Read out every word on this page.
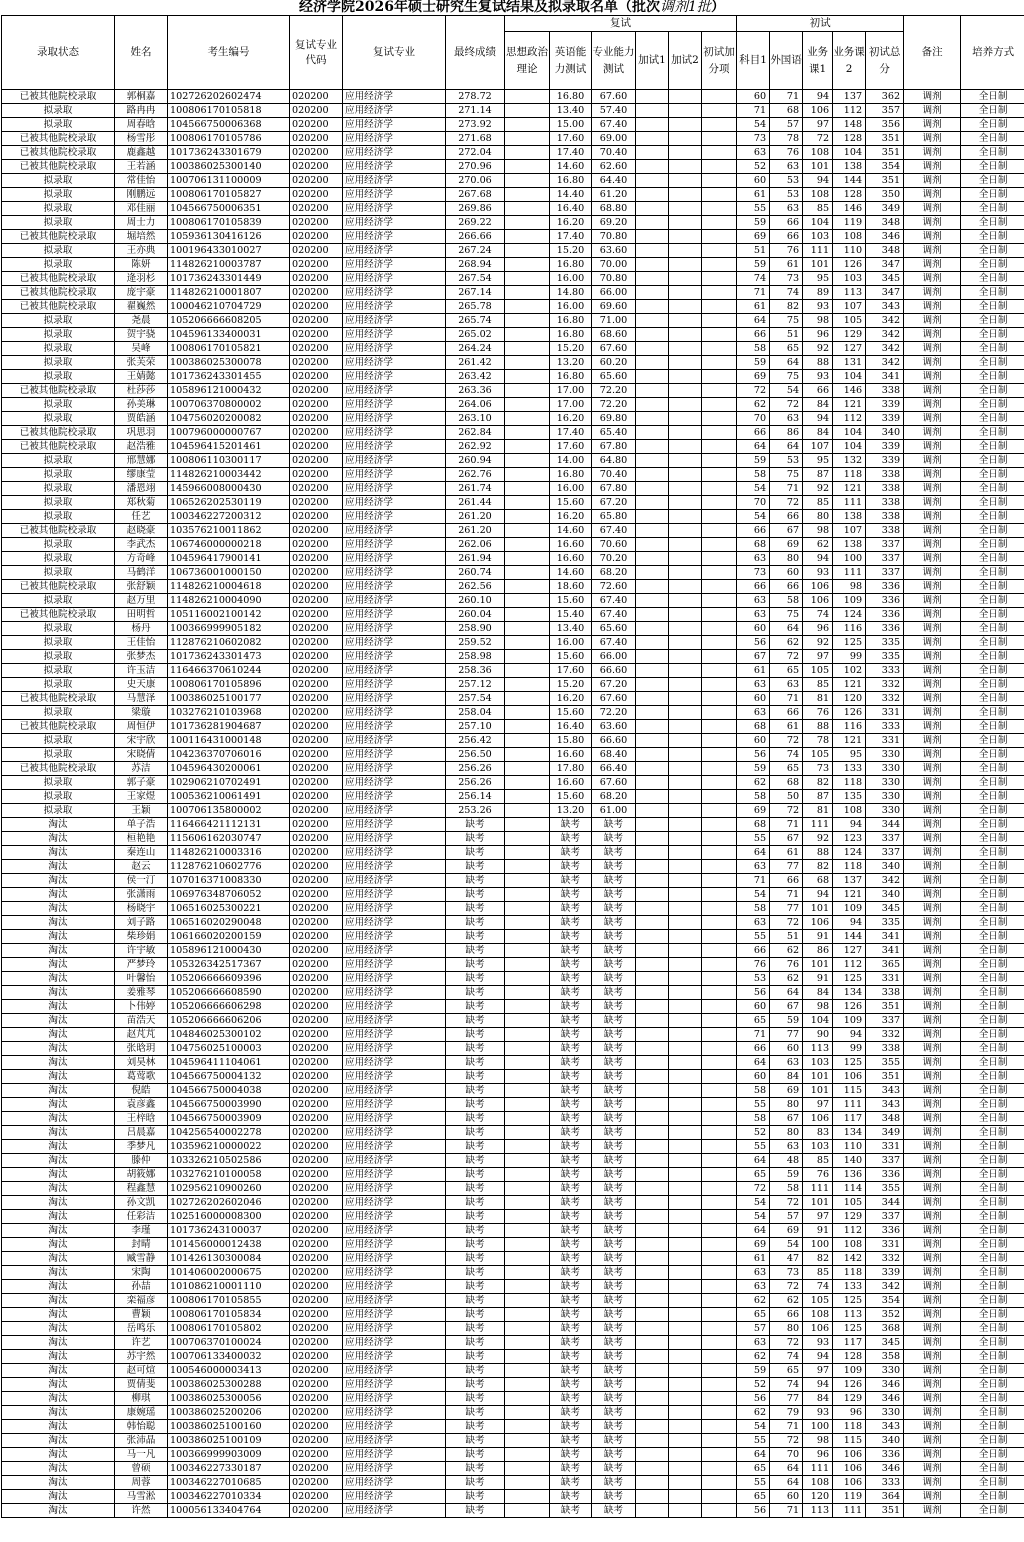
经济学院2026年硕士研究生复试结果及拟录取名单（批次调剂1批）
录取状态	姓名	考生编号	复试专业代码	复试专业	最终成绩	复试						初试					备注	培养方式
						思想政治理论	英语能力测试	专业能力测试	加试1	加试2	初试加分项	科目1	外国语	业务课1	业务课2	初试总分		
已被其他院校录取	郭桐嘉	102726202602474	020200	应用经济学	278.72		16.80	67.60				60	71	94	137	362	调剂	全日制
拟录取	路冉冉	100806170105818	020200	应用经济学	271.14		13.40	57.40				71	68	106	112	357	调剂	全日制
拟录取	周春晗	104566750006368	020200	应用经济学	273.92		15.00	67.40				54	57	97	148	356	调剂	全日制
已被其他院校录取	杨雪彤	100806170105786	020200	应用经济学	271.68		17.60	69.00				73	78	72	128	351	调剂	全日制
已被其他院校录取	鹿鑫越	101736243301679	020200	应用经济学	272.04		17.40	70.40				63	76	108	104	351	调剂	全日制
已被其他院校录取	王若涵	100386025300140	020200	应用经济学	270.96		14.60	62.60				52	63	101	138	354	调剂	全日制
拟录取	常佳怡	100706131100009	020200	应用经济学	270.06		16.80	64.40				60	53	94	144	351	调剂	全日制
拟录取	刚鹏远	100806170105827	020200	应用经济学	267.68		14.40	61.20				61	53	108	128	350	调剂	全日制
拟录取	邓佳丽	104566750006351	020200	应用经济学	269.86		16.40	68.80				55	63	85	146	349	调剂	全日制
拟录取	周士力	100806170105839	020200	应用经济学	269.22		16.20	69.20				59	66	104	119	348	调剂	全日制
已被其他院校录取	堀培然	105936130416126	020200	应用经济学	266.66		17.40	70.80				69	66	103	108	346	调剂	全日制
拟录取	王亦典	100196433010027	020200	应用经济学	267.24		15.20	63.60				51	76	111	110	348	调剂	全日制
拟录取	陈妍	114826210003787	020200	应用经济学	268.94		16.80	70.00				59	61	101	126	347	调剂	全日制
已被其他院校录取	逄羽杉	101736243301449	020200	应用经济学	267.54		16.00	70.80				74	73	95	103	345	调剂	全日制
已被其他院校录取	庞宇豪	114826210001807	020200	应用经济学	267.14		14.80	66.00				71	74	89	113	347	调剂	全日制
已被其他院校录取	翟巍然	100046210704729	020200	应用经济学	265.78		16.00	69.60				61	82	93	107	343	调剂	全日制
拟录取	尧晨	105206666608205	020200	应用经济学	265.74		16.80	71.00				64	75	98	105	342	调剂	全日制
拟录取	贺宇骁	104596133400031	020200	应用经济学	265.02		16.80	68.60				66	51	96	129	342	调剂	全日制
拟录取	吴峰	100806170105821	020200	应用经济学	264.24		15.20	67.60				58	65	92	127	342	调剂	全日制
拟录取	张芙荣	100386025300078	020200	应用经济学	261.42		13.20	60.20				59	64	88	131	342	调剂	全日制
拟录取	王婧懿	101736243301455	020200	应用经济学	263.42		16.80	65.60				69	75	93	104	341	调剂	全日制
已被其他院校录取	杜莎莎	105896121000432	020200	应用经济学	263.36		17.00	72.20				72	54	66	146	338	调剂	全日制
拟录取	孙美琳	100706370800002	020200	应用经济学	264.06		17.00	72.20				62	72	84	121	339	调剂	全日制
拟录取	贾皓涵	104756020200082	020200	应用经济学	263.10		16.20	69.80				70	63	94	112	339	调剂	全日制
已被其他院校录取	巩思羽	100796000000767	020200	应用经济学	262.84		17.40	65.40				66	86	84	104	340	调剂	全日制
已被其他院校录取	赵浩雅	104596415201461	020200	应用经济学	262.92		17.60	67.80				64	64	107	104	339	调剂	全日制
拟录取	邢慧娜	100806110300117	020200	应用经济学	260.94		14.00	64.80				59	53	95	132	339	调剂	全日制
拟录取	缪康莹	114826210003442	020200	应用经济学	262.76		16.80	70.40				58	75	87	118	338	调剂	全日制
拟录取	潘恩翊	145966008000430	020200	应用经济学	261.74		16.00	67.80				54	71	92	121	338	调剂	全日制
拟录取	郑秋菊	106526202530119	020200	应用经济学	261.44		15.60	67.20				70	72	85	111	338	调剂	全日制
拟录取	任艺	100346227200312	020200	应用经济学	261.20		16.20	65.80				54	66	80	138	338	调剂	全日制
已被其他院校录取	赵晓豪	103576210011862	020200	应用经济学	261.20		14.60	67.40				66	67	98	107	338	调剂	全日制
拟录取	李武杰	106746000000218	020200	应用经济学	262.06		16.60	70.60				68	69	62	138	337	调剂	全日制
拟录取	方奇峰	104596417900141	020200	应用经济学	261.94		16.60	70.20				63	80	94	100	337	调剂	全日制
拟录取	马鹤洋	106736001000150	020200	应用经济学	260.74		14.60	68.20				73	60	93	111	337	调剂	全日制
已被其他院校录取	张舒颖	114826210004618	020200	应用经济学	262.56		18.60	72.60				66	66	106	98	336	调剂	全日制
拟录取	赵万里	114826210004090	020200	应用经济学	260.10		15.60	67.40				63	58	106	109	336	调剂	全日制
已被其他院校录取	田明哲	105116002100142	020200	应用经济学	260.04		15.40	67.40				63	75	74	124	336	调剂	全日制
拟录取	杨丹	100366999905182	020200	应用经济学	258.90		13.40	65.60				60	64	96	116	336	调剂	全日制
拟录取	王佳怡	112876210602082	020200	应用经济学	259.52		16.00	67.40				56	62	92	125	335	调剂	全日制
拟录取	张梦杰	101736243301473	020200	应用经济学	258.98		15.60	66.00				67	72	97	99	335	调剂	全日制
拟录取	许玉洁	116466370610244	020200	应用经济学	258.36		17.60	66.60				61	65	105	102	333	调剂	全日制
拟录取	史天康	100806170105896	020200	应用经济学	257.12		15.20	67.20				63	63	85	121	332	调剂	全日制
已被其他院校录取	马慧泽	100386025100177	020200	应用经济学	257.54		16.20	67.60				60	71	81	120	332	调剂	全日制
拟录取	梁璇	103276210103968	020200	应用经济学	258.04		15.60	72.20				63	66	76	126	331	调剂	全日制
已被其他院校录取	周恒伊	101736281904687	020200	应用经济学	257.10		16.40	63.60				68	61	88	116	333	调剂	全日制
拟录取	宋宇欣	100116431000148	020200	应用经济学	256.42		15.80	66.60				60	72	78	121	331	调剂	全日制
拟录取	宋晓倩	104236370706016	020200	应用经济学	256.50		16.60	68.40				56	74	105	95	330	调剂	全日制
已被其他院校录取	苏洁	104596430200061	020200	应用经济学	256.26		17.80	66.40				59	65	73	133	330	调剂	全日制
拟录取	郭子豪	102906210702491	020200	应用经济学	256.26		16.60	67.60				62	68	82	118	330	调剂	全日制
拟录取	王家煜	100536210061491	020200	应用经济学	256.14		15.60	68.20				58	50	87	135	330	调剂	全日制
拟录取	王颖	100706135800002	020200	应用经济学	253.26		13.20	61.00				69	72	81	108	330	调剂	全日制
淘汰	单子浩	116466421112131	020200	应用经济学	缺考		缺考	缺考				68	71	111	94	344	调剂	全日制
淘汰	桓艳艳	115606162030747	020200	应用经济学	缺考		缺考	缺考				55	67	92	123	337	调剂	全日制
淘汰	秦连山	114826210003316	020200	应用经济学	缺考		缺考	缺考				64	61	88	124	337	调剂	全日制
淘汰	赵云	112876210602776	020200	应用经济学	缺考		缺考	缺考				63	77	82	118	340	调剂	全日制
淘汰	侯一汀	107016371008330	020200	应用经济学	缺考		缺考	缺考				71	66	68	137	342	调剂	全日制
淘汰	张潇雨	106976348706052	020200	应用经济学	缺考		缺考	缺考				54	71	94	121	340	调剂	全日制
淘汰	杨晓宇	106516025300221	020200	应用经济学	缺考		缺考	缺考				58	77	101	109	345	调剂	全日制
淘汰	刘子路	106516020290048	020200	应用经济学	缺考		缺考	缺考				63	72	106	94	335	调剂	全日制
淘汰	柴珍娟	106166020200159	020200	应用经济学	缺考		缺考	缺考				55	51	91	144	341	调剂	全日制
淘汰	许宇敏	105896121000430	020200	应用经济学	缺考		缺考	缺考				66	62	86	127	341	调剂	全日制
淘汰	严梦玲	105326342517367	020200	应用经济学	缺考		缺考	缺考				76	76	101	112	365	调剂	全日制
淘汰	叶馨怡	105206666609396	020200	应用经济学	缺考		缺考	缺考				53	62	91	125	331	调剂	全日制
淘汰	姜雅琴	105206666608590	020200	应用经济学	缺考		缺考	缺考				56	64	84	134	338	调剂	全日制
淘汰	卜伟婷	105206666606298	020200	应用经济学	缺考		缺考	缺考				60	67	98	126	351	调剂	全日制
淘汰	苗浩天	105206666606206	020200	应用经济学	缺考		缺考	缺考				65	59	104	109	337	调剂	全日制
淘汰	赵芃芃	104846025300102	020200	应用经济学	缺考		缺考	缺考				71	77	90	94	332	调剂	全日制
淘汰	张晗玥	104756025100003	020200	应用经济学	缺考		缺考	缺考				66	60	113	99	338	调剂	全日制
淘汰	刘昊林	104596411104061	020200	应用经济学	缺考		缺考	缺考				64	63	103	125	355	调剂	全日制
淘汰	葛莺歌	104566750004132	020200	应用经济学	缺考		缺考	缺考				60	84	101	106	351	调剂	全日制
淘汰	倪皓	104566750004038	020200	应用经济学	缺考		缺考	缺考				58	69	101	115	343	调剂	全日制
淘汰	袁彦鑫	104566750003990	020200	应用经济学	缺考		缺考	缺考				55	80	97	111	343	调剂	全日制
淘汰	王梓晗	104566750003909	020200	应用经济学	缺考		缺考	缺考				58	67	106	117	348	调剂	全日制
淘汰	吕晨嘉	104256540002278	020200	应用经济学	缺考		缺考	缺考				52	80	83	134	349	调剂	全日制
淘汰	季梦凡	103596210000022	020200	应用经济学	缺考		缺考	缺考				55	63	103	110	331	调剂	全日制
淘汰	滕仲	103326210502586	020200	应用经济学	缺考		缺考	缺考				64	48	85	140	337	调剂	全日制
淘汰	胡筱娜	103276210100058	020200	应用经济学	缺考		缺考	缺考				65	59	76	136	336	调剂	全日制
淘汰	程鑫慧	102956210900260	020200	应用经济学	缺考		缺考	缺考				72	58	111	114	355	调剂	全日制
淘汰	孙文凯	102726202602046	020200	应用经济学	缺考		缺考	缺考				54	72	101	105	344	调剂	全日制
淘汰	任彩洁	102516000008300	020200	应用经济学	缺考		缺考	缺考				54	57	97	129	337	调剂	全日制
淘汰	李瑾	101736243100037	020200	应用经济学	缺考		缺考	缺考				64	69	91	112	336	调剂	全日制
淘汰	封晴	101456000012438	020200	应用经济学	缺考		缺考	缺考				69	54	100	108	331	调剂	全日制
淘汰	臧雪静	101426130300084	020200	应用经济学	缺考		缺考	缺考				61	47	82	142	332	调剂	全日制
淘汰	宋陶	101406002000675	020200	应用经济学	缺考		缺考	缺考				63	73	85	118	339	调剂	全日制
淘汰	孙喆	101086210001110	020200	应用经济学	缺考		缺考	缺考				63	72	74	133	342	调剂	全日制
淘汰	栾福彦	100806170105855	020200	应用经济学	缺考		缺考	缺考				62	62	105	125	354	调剂	全日制
淘汰	曹颖	100806170105834	020200	应用经济学	缺考		缺考	缺考				65	66	108	113	352	调剂	全日制
淘汰	岳鸣乐	100806170105802	020200	应用经济学	缺考		缺考	缺考				57	80	106	125	368	调剂	全日制
淘汰	许艺	100706370100024	020200	应用经济学	缺考		缺考	缺考				63	72	93	117	345	调剂	全日制
淘汰	苏宇然	100706133400032	020200	应用经济学	缺考		缺考	缺考				62	74	94	128	358	调剂	全日制
淘汰	赵可煊	100546000003413	020200	应用经济学	缺考		缺考	缺考				59	65	97	109	330	调剂	全日制
淘汰	贾倩斐	100386025300288	020200	应用经济学	缺考		缺考	缺考				52	74	94	126	346	调剂	全日制
淘汰	柳琪	100386025300056	020200	应用经济学	缺考		缺考	缺考				56	77	84	129	346	调剂	全日制
淘汰	康婉瑶	100386025200206	020200	应用经济学	缺考		缺考	缺考				62	79	93	96	330	调剂	全日制
淘汰	韩怡聪	100386025100160	020200	应用经济学	缺考		缺考	缺考				54	71	100	118	343	调剂	全日制
淘汰	张沛晶	100386025100109	020200	应用经济学	缺考		缺考	缺考				55	72	98	115	340	调剂	全日制
淘汰	马一凡	100366999903009	020200	应用经济学	缺考		缺考	缺考				64	70	96	106	336	调剂	全日制
淘汰	曾硕	100346227330187	020200	应用经济学	缺考		缺考	缺考				65	64	111	106	346	调剂	全日制
淘汰	周蓉	100346227010685	020200	应用经济学	缺考		缺考	缺考				55	64	108	106	333	调剂	全日制
淘汰	马雪淞	100346227010334	020200	应用经济学	缺考		缺考	缺考				65	60	120	119	364	调剂	全日制
淘汰	许然	100056133404764	020200	应用经济学	缺考		缺考	缺考				56	71	113	111	351	调剂	全日制
